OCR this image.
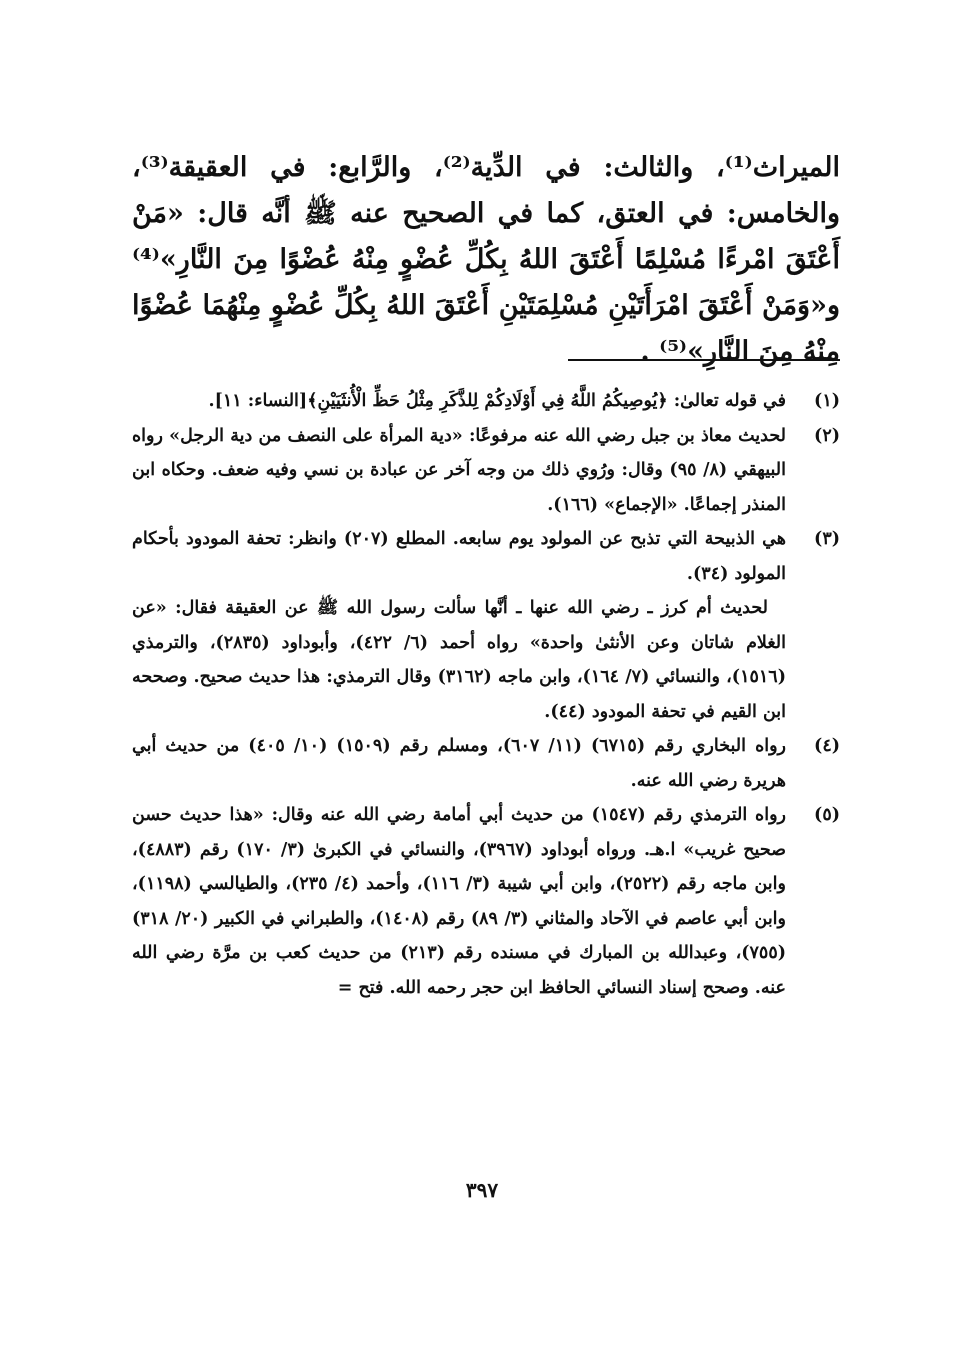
الميراث⁽¹⁾، والثالث: في الدِّية⁽²⁾، والرَّابع: في العقيقة⁽³⁾، والخامس: في العتق، كما في الصحيح عنه ﷺ أنَّه قال: «مَنْ أَعْتَقَ امْرءًا مُسْلِمًا أَعْتَقَ اللهُ بِكُلِّ عُضْوٍ مِنْهُ عُضْوًا مِنَ النَّارِ»⁽⁴⁾ و«وَمَنْ أَعْتَقَ امْرَأَتَيْنِ مُسْلِمَتَيْنِ أَعْتَقَ اللهُ بِكُلِّ عُضْوٍ مِنْهُمَا عُضْوًا مِنْهُ مِنَ النَّارِ»⁽⁵⁾ .

(١)

في قوله تعالىٰ: ﴿يُوصِيكُمُ اللَّهُ فِي أَوْلَادِكُمْ لِلذَّكَرِ مِثْلُ حَظِّ الْأُنثَيَيْنِ﴾[النساء: ١١].

(٢)

لحديث معاذ بن جبل رضي الله عنه مرفوعًا: «دية المرأة على النصف من دية الرجل» رواه البيهقي (٨/ ٩٥) وقال: ورُوي ذلك من وجه آخر عن عبادة بن نسي وفيه ضعف. وحكاه ابن المنذر إجماعًا. «الإجماع» (١٦٦).

(٣)

هي الذبيحة التي تذبح عن المولود يوم سابعه. المطلع (٢٠٧) وانظر: تحفة المودود بأحكام المولود (٣٤).

لحديث أم كرز ـ رضي الله عنها ـ أنَّها سألت رسول الله ﷺ عن العقيقة فقال: «عن الغلام شاتان وعن الأنثىٰ واحدة» رواه أحمد (٦/ ٤٢٢)، وأبوداود (٢٨٣٥)، والترمذي (١٥١٦)، والنسائي (٧/ ١٦٤)، وابن ماجه (٣١٦٢) وقال الترمذي: هذا حديث صحيح. وصححه ابن القيم في تحفة المودود (٤٤).

(٤)

رواه البخاري رقم (٦٧١٥) (١١/ ٦٠٧)، ومسلم رقم (١٥٠٩) (١٠/ ٤٠٥) من حديث أبي هريرة رضي الله عنه.

(٥)

رواه الترمذي رقم (١٥٤٧) من حديث أبي أمامة رضي الله عنه وقال: «هذا حديث حسن صحيح غريب» ا.هـ. ورواه أبوداود (٣٩٦٧)، والنسائي في الكبرىٰ (٣/ ١٧٠) رقم (٤٨٨٣)، وابن ماجه رقم (٢٥٢٢)، وابن أبي شيبة (٣/ ١١٦)، وأحمد (٤/ ٢٣٥)، والطيالسي (١١٩٨)، وابن أبي عاصم في الآحاد والمثاني (٣/ ٨٩) رقم (١٤٠٨)، والطبراني في الكبير (٢٠/ ٣١٨) (٧٥٥)، وعبدالله بن المبارك في مسنده رقم (٢١٣) من حديث كعب بن مرَّة رضي الله عنه. وصحح إسناد النسائي الحافظ ابن حجر رحمه الله. فتح =

٣٩٧
